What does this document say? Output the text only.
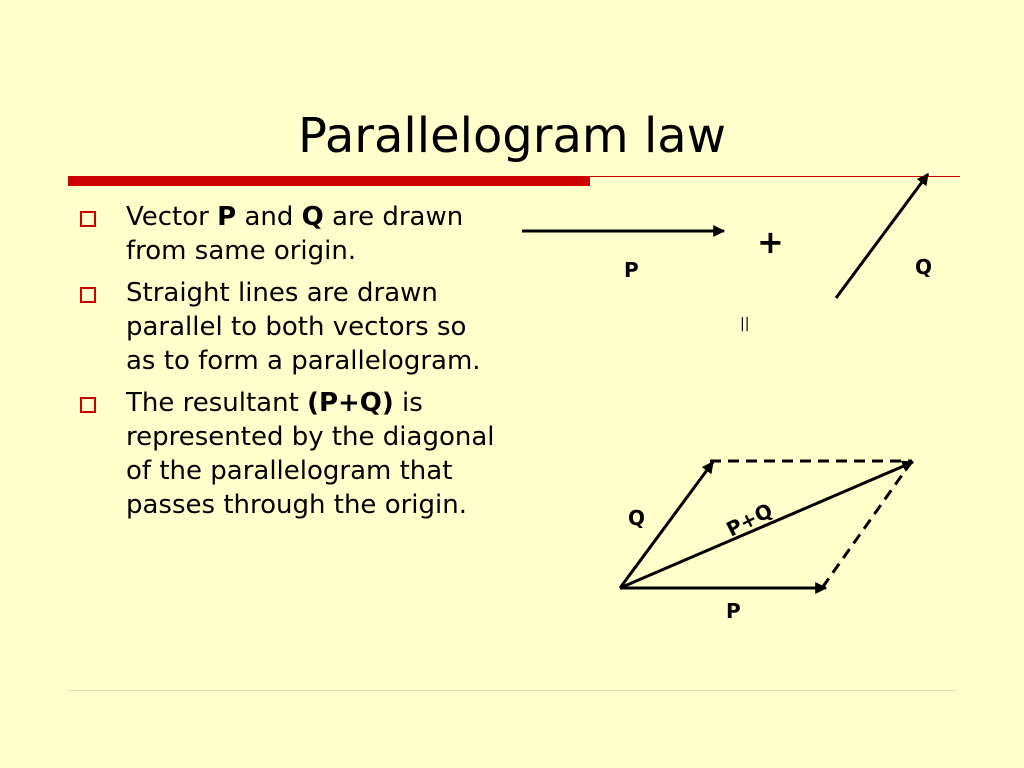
Parallelogram law
Vector P and Q are drawn from same origin.
Straight lines are drawn parallel to both vectors so as to form a parallelogram.
The resultant (P+Q) is represented by the diagonal of the parallelogram that passes through the origin.
P
+
Q
||
Q	P+Q
P
